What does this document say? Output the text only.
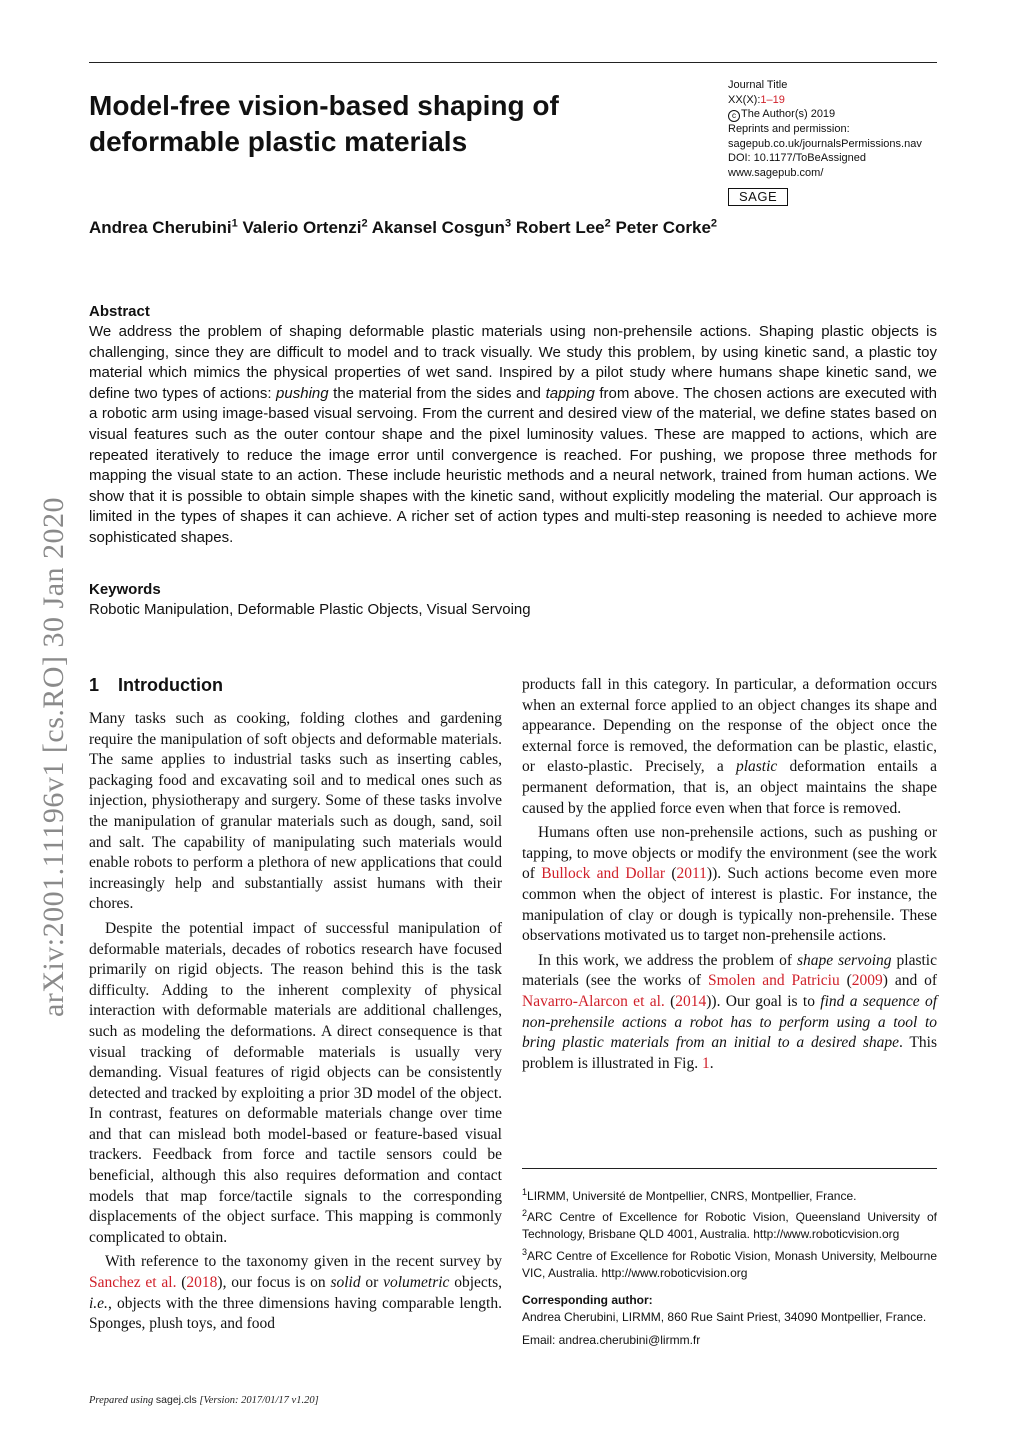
Model-free vision-based shaping of
deformable plastic materials
Journal Title
XX(X):1–19
c The Author(s) 2019
Reprints and permission:
sagepub.co.uk/journalsPermissions.nav
DOI: 10.1177/ToBeAssigned
www.sagepub.com/
SAGE
Andrea Cherubini$^1$ Valerio Ortenzi$^2$ Akansel Cosgun$^3$ Robert Lee$^2$ Peter Corke$^2$
arXiv:2001.11196v1 [cs.RO] 30 Jan 2020
Abstract
We address the problem of shaping deformable plastic materials using non-prehensile actions. Shaping plastic objects is challenging, since they are difficult to model and to track visually. We study this problem, by using kinetic sand, a plastic toy material which mimics the physical properties of wet sand. Inspired by a pilot study where humans shape kinetic sand, we define two types of actions: pushing the material from the sides and tapping from above. The chosen actions are executed with a robotic arm using image-based visual servoing. From the current and desired view of the material, we define states based on visual features such as the outer contour shape and the pixel luminosity values. These are mapped to actions, which are repeated iteratively to reduce the image error until convergence is reached. For pushing, we propose three methods for mapping the visual state to an action. These include heuristic methods and a neural network, trained from human actions. We show that it is possible to obtain simple shapes with the kinetic sand, without explicitly modeling the material. Our approach is limited in the types of shapes it can achieve. A richer set of action types and multi-step reasoning is needed to achieve more sophisticated shapes.
Keywords
Robotic Manipulation, Deformable Plastic Objects, Visual Servoing
1 Introduction

Many tasks such as cooking, folding clothes and gardening require the manipulation of soft objects and deformable materials. The same applies to industrial tasks such as inserting cables, packaging food and excavating soil and to medical ones such as injection, physiotherapy and surgery. Some of these tasks involve the manipulation of granular materials such as dough, sand, soil and salt. The capability of manipulating such materials would enable robots to perform a plethora of new applications that could increasingly help and substantially assist humans with their chores.

Despite the potential impact of successful manipulation of deformable materials, decades of robotics research have focused primarily on rigid objects. The reason behind this is the task difficulty. Adding to the inherent complexity of physical interaction with deformable materials are additional challenges, such as modeling the deformations. A direct consequence is that visual tracking of deformable materials is usually very demanding. Visual features of rigid objects can be consistently detected and tracked by exploiting a prior 3D model of the object. In contrast, features on deformable materials change over time and that can mislead both model-based or feature-based visual trackers. Feedback from force and tactile sensors could be beneficial, although this also requires deformation and contact models that map force/tactile signals to the corresponding displacements of the object surface. This mapping is commonly complicated to obtain.

With reference to the taxonomy given in the recent survey by Sanchez et al. (2018), our focus is on solid or volumetric objects, i.e., objects with the three dimensions having comparable length. Sponges, plush toys, and food

products fall in this category. In particular, a deformation occurs when an external force applied to an object changes its shape and appearance. Depending on the response of the object once the external force is removed, the deformation can be plastic, elastic, or elasto-plastic. Precisely, a plastic deformation entails a permanent deformation, that is, an object maintains the shape caused by the applied force even when that force is removed.

Humans often use non-prehensile actions, such as pushing or tapping, to move objects or modify the environment (see the work of Bullock and Dollar (2011)). Such actions become even more common when the object of interest is plastic. For instance, the manipulation of clay or dough is typically non-prehensile. These observations motivated us to target non-prehensile actions.

In this work, we address the problem of shape servoing plastic materials (see the works of Smolen and Patriciu (2009) and of Navarro-Alarcon et al. (2014)). Our goal is to find a sequence of non-prehensile actions a robot has to perform using a tool to bring plastic materials from an initial to a desired shape. This problem is illustrated in Fig. 1.

$^1$LIRMM, Université de Montpellier, CNRS, Montpellier, France.

$^2$ARC Centre of Excellence for Robotic Vision, Queensland University of Technology, Brisbane QLD 4001, Australia. http://www.roboticvision.org

$^3$ARC Centre of Excellence for Robotic Vision, Monash University, Melbourne VIC, Australia. http://www.roboticvision.org

Corresponding author:

Andrea Cherubini, LIRMM, 860 Rue Saint Priest, 34090 Montpellier, France.

Email: andrea.cherubini@lirmm.fr

Prepared using sagej.cls [Version: 2017/01/17 v1.20]
